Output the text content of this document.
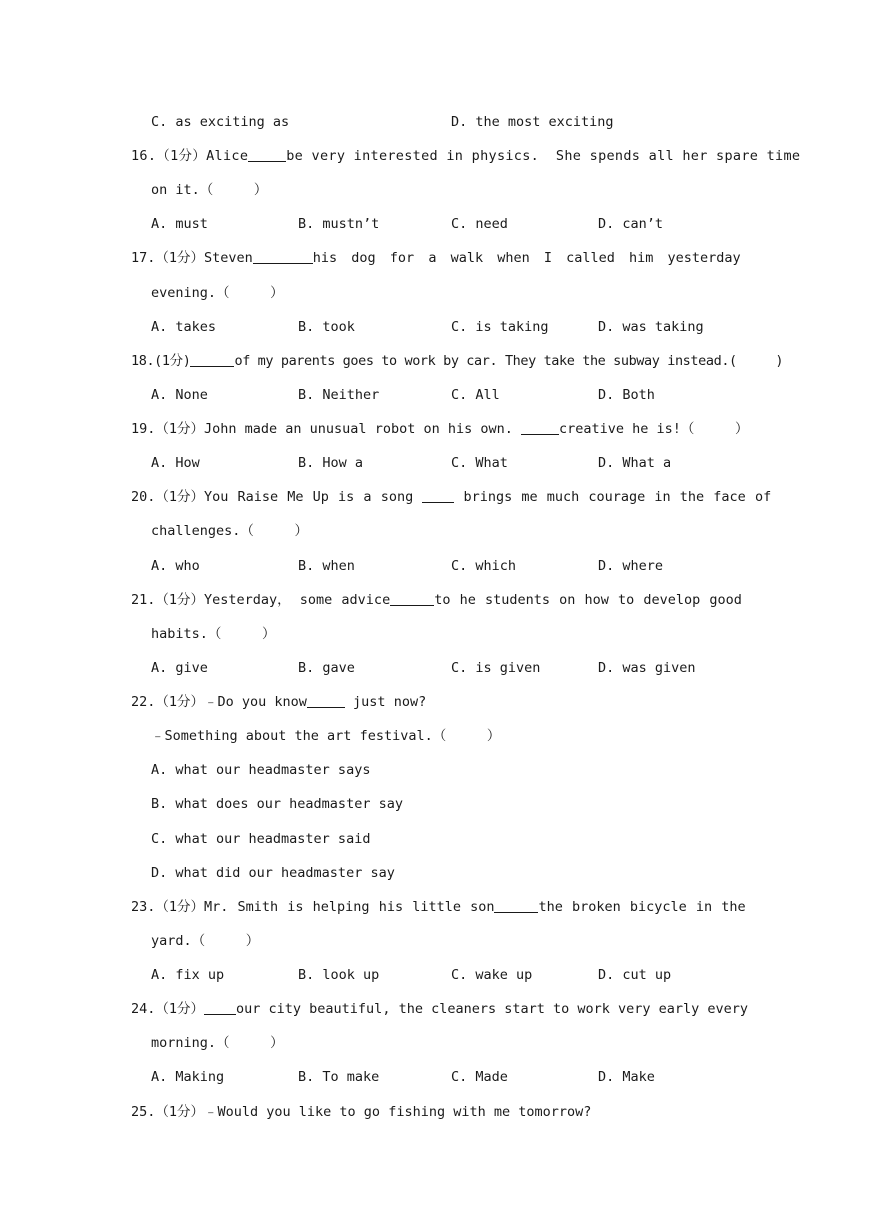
C. as exciting as	D. the most exciting
16.（1分）Alice	be very interested in physics.  She spends all her spare time
on it.（     ）
A. must	B. mustn’t	C. need	D. can’t
17.（1分）Steven	his dog for a walk when I called him yesterday
evening.（     ）
A. takes	B. took	C. is taking	D. was taking
18.(1分)	of my parents goes to work by car. They take the subway instead.(     )
A. None	B. Neither	C. All	D. Both
19.（1分）John made an unusual robot on his own.	creative he is!（     ）
A. How	B. How a	C. What	D. What a
20.（1分）You Raise Me Up is a song  brings me much courage in the face of
challenges.（     ）
A. who	B. when	C. which	D. where
21.（1分）Yesterday， some advice	to he students on how to develop good
habits.（     ）
A. give	B. gave	C. is given	D. was given
22.（1分）﹣Do you know	just now?
﹣Something about the art festival.（     ）
A. what our headmaster says
B. what does our headmaster say
C. what our headmaster said
D. what did our headmaster say
23.（1分）Mr. Smith is helping his little son	the broken bicycle in the
yard.（     ）
A. fix up	B. look up	C. wake up	D. cut up
24.（1分） our city beautiful, the cleaners start to work very early every
morning.（     ）
A. Making	B. To make	C. Made	D. Make
25.（1分）﹣Would you like to go fishing with me tomorrow?
